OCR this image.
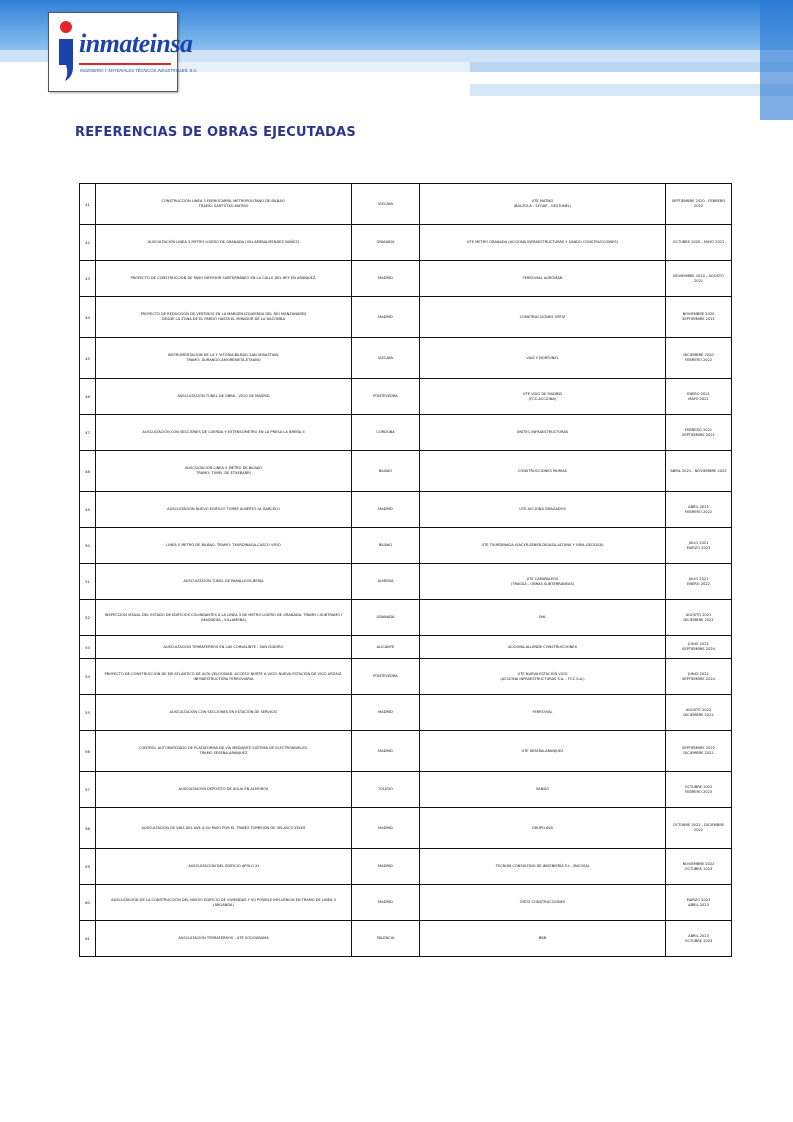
inmateinsa
INGENIERÍA Y MATERIALES TÉCNICOS INDUSTRIALES, S.A.
REFERENCIAS DE OBRAS EJECUTADAS
41	CONSTRUCCIÓN LINEA 3 FERROCARRIL METROPOLITANO DE BILBAO.
TRAMO: SANTUTXU-MATIKO	VIZCAYA	UTE MATIKO
(BALZOLA - SYGAP - GESTUNEL)	SEPTIEMBRE 2020 - FEBRERO 2022
42	AUSCULTACIÓN LINEA 3 METRO LIGERO DE GRANADA (VILLAMENA-MENDEZ NUÑEZ)	GRANADA	UTE METRO GRANADA (ACCIONA INFRAESTRUCTURAS Y SANDO CONSTRUCCIONES)	OCTUBRE 2020 - MAYO 2021
43	PROYECTO DE CONSTRUCCIÓN DE PASO INFERIOR SUBTERRÁNEO EN LA CALLE DEL REY EN ARANJUEZ.	MADRID	FERROVIAL AGROMAN	NOVIEMBRE 2020 - AGOSTO 2021
44	PROYECTO DE REDUCCIÓN DE VERTIDOS EN LA MARGEN IZQUIERDA DEL RÍO MANZANARES
DESDE LA ZONA DE EL PARDO HASTA EL MIRADOR DE LA DACOMBA	MADRID	CONSTRUCCIONES ORTIZ	NOVIEMBRE 2020
SEPTIEMBRE 2021
45	INSTRUMENTACIÓN DE LA Y VITORIA-BILBAO-SAN SEBASTIAN.
TRAMO: DURANGO-AMOREBIETA-ETXANO	VIZCAYA	VIAS Y NORTUNEL	DICIEMBRE 2020
FEBRERO 2022
46	AUSCULTACIÓN TÚNEL DE OBRA . VIGO DE MADRID	PONTEVEDRA	UTE VIGO DE MADRID
(FCC-ACCIONA)	ENERO 2021
MAYO 2021
47	AUSCULTACIÓN CON SECCIONES DE CUERDA Y EXTENSÓMETRO EN LA PRESA LA BREÑA II	CORDOBA	UNITEC INFRAESTRUCTURAS	FEBRERO 2021
SEPTIEMBRE 2021
48	AUSCULTACIÓN LÍNEA 5 METRO DE BILBAO
TRAMO: TÚNEL DE ETXEBARRI	BILBAO	CONSTRUCCIONES MURIAS	ABRIL 2021 - NOVIEMBRE 2022
49	AUSCULTACIÓN NUEVO EDIFICIO TORRE ALBERTO AL BARCELO	MADRID	UTE ACCIONA DRAGADOS	ABRIL 2021
FEBRERO 2022
50	LINEA 5 METRO DE BILBAO. TRAMO: TXURDINAGA-CASCO VIEJO	BILBAO	UTE TXURDINAGA (SACYR-SENER-DIGASA-ALTUNA Y URIA-GEOCISA)	JULIO 2021
MARZO 2023
51	AUSCULTACIÓN TÚNEL DE PARALLEOS-BERJA	ALMERIA	UTE CAPARALEOS
(TRAGSA - OBRAS SUBTERRÁNEAS)	JULIO 2021
ENERO 2022
52	INSPECCIÓN VISUAL DEL ESTADO DE EDIFICIOS COLINDANTES A LA LINEA 3 DE METRO LIGERO DE GRANADA. TRAMO I-SUBTRAMO I
(MAQUEDA - VILLAMENA)	GRANADA	OHL	AGOSTO 2021
DICIEMBRE 2022
53	AUSCULTACIÓN TERRAFERROS EN LAV CORVALINTE - SAN ISIDORO	ALICANTE	ACCIONA-ALLENDE CONSTRUCCIONES	JUNIO 2021
SEPTIEMBRE 2024
54	PROYECTO DE CONSTRUCCIÓN DE EJE ATLÁNTICO DE ALTA VELOCIDAD. ACCESO NORTE A VIGO. NUEVA ESTACIÓN DE VIGO URZAIZ. INFRAESTRUCTURA FERROVIARIA	PONTEVEDRA	UTE NUEVA ESTACIÓN VIGO
(ACCIONA INFRAESTRUCTURAS S.A. - FCC S.A.)	JUNIO 2022
SEPTIEMBRE 2024
55	AUSCULTACIÓN CON SECCIONES EN ESTACIÓN DE SERVICIO	MADRID	FERROVIAL	AGOSTO 2022
DICIEMBRE 2022
56	CONTROL AUTOMATIZADO DE PLATAFORMA DE VÍA MEDIANTE SISTEMA DE ELECTRONIVELES.
TRAMO SESEÑA-ARANJUEZ	MADRID	UTE SESEÑA-ARANJUEZ	SEPTIEMBRE 2022
DICIEMBRE 2022
57	AUSCULTACIÓN DEPOSITO DE AGUA EN ALMOROX	TOLEDO	SANDO	OCTUBRE 2022
FEBRERO 2023
58	AUSCULTACIÓN DE VÍAS DEL AVE A SU PASO POR EL TRAMO TORREJON DE VELASCO-YELES	MADRID	GRUPO AVS	OCTUBRE 2022 - DICIEMBRE 2022
59	AUSCULTACIÓN DEL EDIFICIO APOLO XI	MADRID	TECNUM CONSULTING DE INGENIERÍA S.L. (INCOSA)	NOVIEMBRE 2022
OCTUBRE 2023
60	AUSCULTACIÓN DE LA CONSTRUCCIÓN DEL NUEVO EDIFICIO DE VIVIENDAS Y SU POSIBLE INFLUENCIA EN TRAMO DE LINEA 3
(ARGANDA)	MADRID	ORTIZ CONSTRUCCIONES	MARZO 2023
ABRIL 2023
61	AUSCULTACIÓN TERRAFERROS - UTE SOGOURAMA	PALENCIA	BBB	ABRIL 2023
OCTUBRE 2023
